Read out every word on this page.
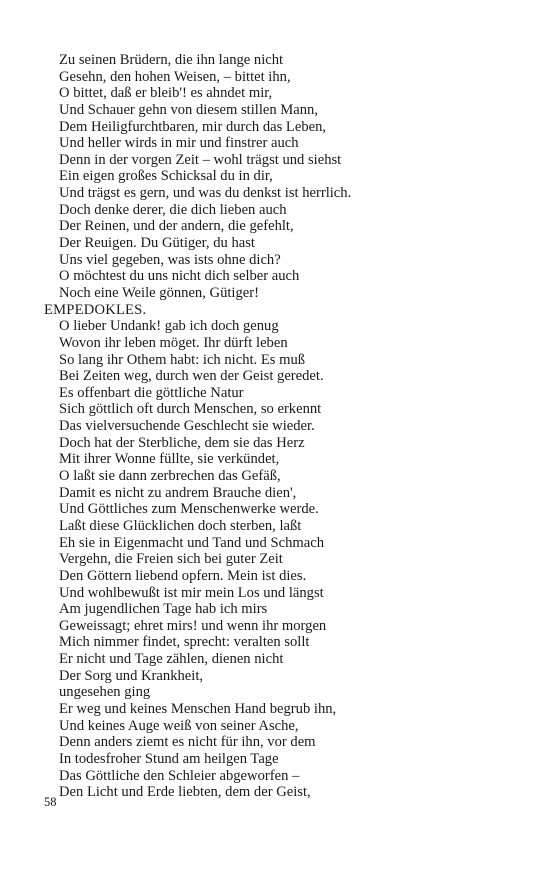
Zu seinen Brüdern, die ihn lange nicht
Gesehn, den hohen Weisen, – bittet ihn,
O bittet, daß er bleib'! es ahndet mir,
Und Schauer gehn von diesem stillen Mann,
Dem Heiligfurchtbaren, mir durch das Leben,
Und heller wirds in mir und finstrer auch
Denn in der vorgen Zeit – wohl trägst und siehst
Ein eigen großes Schicksal du in dir,
Und trägst es gern, und was du denkst ist herrlich.
Doch denke derer, die dich lieben auch
Der Reinen, und der andern, die gefehlt,
Der Reuigen. Du Gütiger, du hast
Uns viel gegeben, was ists ohne dich?
O möchtest du uns nicht dich selber auch
Noch eine Weile gönnen, Gütiger!
EMPEDOKLES.
O lieber Undank! gab ich doch genug
Wovon ihr leben möget. Ihr dürft leben
So lang ihr Othem habt: ich nicht. Es muß
Bei Zeiten weg, durch wen der Geist geredet.
Es offenbart die göttliche Natur
Sich göttlich oft durch Menschen, so erkennt
Das vielversuchende Geschlecht sie wieder.
Doch hat der Sterbliche, dem sie das Herz
Mit ihrer Wonne füllte, sie verkündet,
O laßt sie dann zerbrechen das Gefäß,
Damit es nicht zu andrem Brauche dien',
Und Göttliches zum Menschenwerke werde.
Laßt diese Glücklichen doch sterben, laßt
Eh sie in Eigenmacht und Tand und Schmach
Vergehn, die Freien sich bei guter Zeit
Den Göttern liebend opfern. Mein ist dies.
Und wohlbewußt ist mir mein Los und längst
Am jugendlichen Tage hab ich mirs
Geweissagt; ehret mirs! und wenn ihr morgen
Mich nimmer findet, sprecht: veralten sollt
Er nicht und Tage zählen, dienen nicht
Der Sorg und Krankheit,
ungesehen ging
Er weg und keines Menschen Hand begrub ihn,
Und keines Auge weiß von seiner Asche,
Denn anders ziemt es nicht für ihn, vor dem
In todesfroher Stund am heilgen Tage
Das Göttliche den Schleier abgeworfen –
Den Licht und Erde liebten, dem der Geist,
58
